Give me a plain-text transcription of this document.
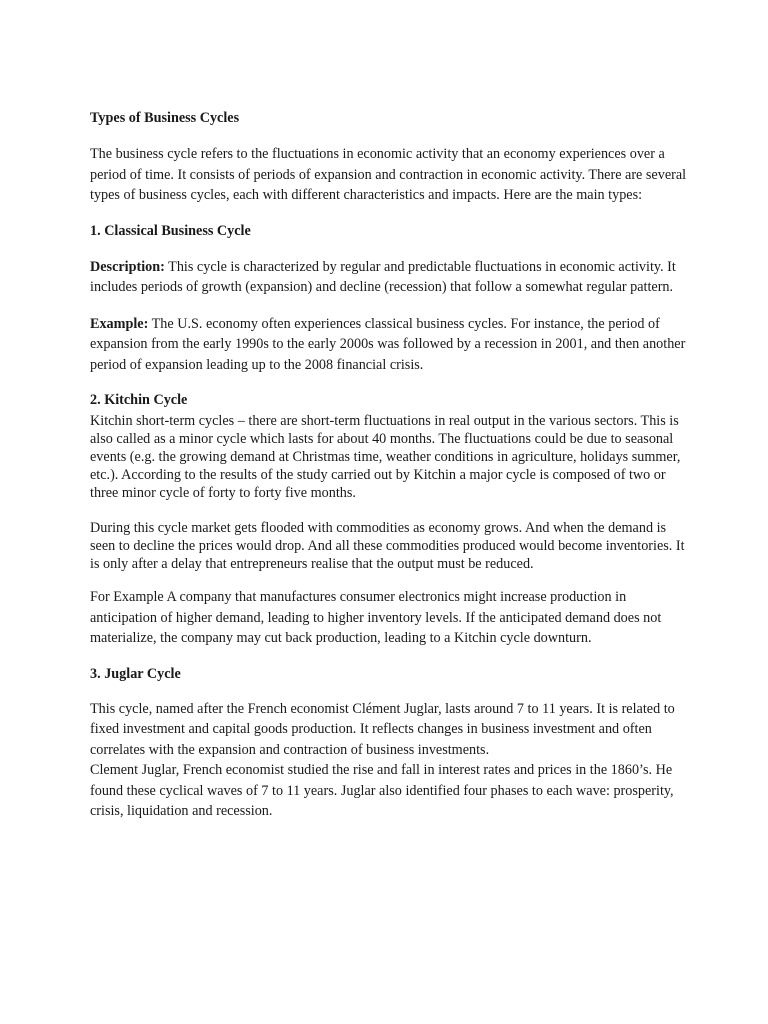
Types of Business Cycles

The business cycle refers to the fluctuations in economic activity that an economy experiences over a period of time. It consists of periods of expansion and contraction in economic activity. There are several types of business cycles, each with different characteristics and impacts. Here are the main types:

1. Classical Business Cycle

Description: This cycle is characterized by regular and predictable fluctuations in economic activity. It includes periods of growth (expansion) and decline (recession) that follow a somewhat regular pattern.

Example: The U.S. economy often experiences classical business cycles. For instance, the period of expansion from the early 1990s to the early 2000s was followed by a recession in 2001, and then another period of expansion leading up to the 2008 financial crisis.

2. Kitchin Cycle

Kitchin short-term cycles – there are short-term fluctuations in real output in the various sectors. This is also called as a minor cycle which lasts for about 40 months. The fluctuations could be due to seasonal events (e.g. the growing demand at Christmas time, weather conditions in agriculture, holidays summer, etc.). According to the results of the study carried out by Kitchin a major cycle is composed of two or three minor cycle of forty to forty five months.

During this cycle market gets flooded with commodities as economy grows. And when the demand is seen to decline the prices would drop. And all these commodities produced would become inventories. It is only after a delay that entrepreneurs realise that the output must be reduced.

For Example A company that manufactures consumer electronics might increase production in anticipation of higher demand, leading to higher inventory levels. If the anticipated demand does not materialize, the company may cut back production, leading to a Kitchin cycle downturn.

3. Juglar Cycle

This cycle, named after the French economist Clément Juglar, lasts around 7 to 11 years. It is related to fixed investment and capital goods production. It reflects changes in business investment and often correlates with the expansion and contraction of business investments.

Clement Juglar, French economist studied the rise and fall in interest rates and prices in the 1860’s. He found these cyclical waves of 7 to 11 years. Juglar also identified four phases to each wave: prosperity, crisis, liquidation and recession.
